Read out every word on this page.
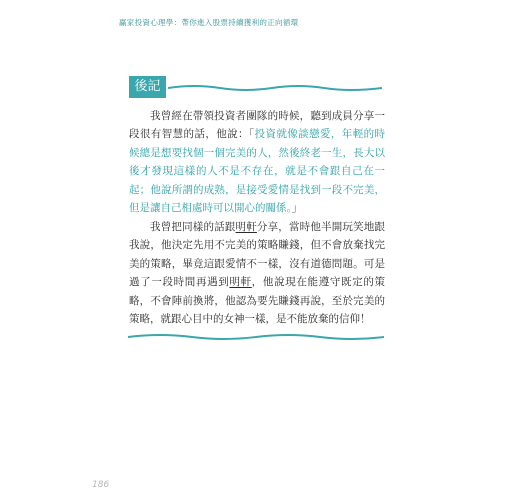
贏家投資心理學：帶你進入股票持續獲利的正向循環
後記

我曾經在帶領投資者團隊的時候，聽到成員分享一段很有智慧的話，他說：「投資就像談戀愛，年輕的時候總是想要找個一個完美的人，然後終老一生，長大以後才發現這樣的人不是不存在，就是不會跟自己在一起；他說所謂的成熟，是接受愛情是找到一段不完美，但是讓自己相處時可以開心的關係。」

我曾把同樣的話跟明軒分享，當時他半開玩笑地跟我說，他決定先用不完美的策略賺錢，但不會放棄找完美的策略，畢竟這跟愛情不一樣，沒有道德問題。可是過了一段時間再遇到明軒，他說現在能遵守既定的策略，不會陣前換將，他認為要先賺錢再說，至於完美的策略，就跟心目中的女神一樣，是不能放棄的信仰！

186
